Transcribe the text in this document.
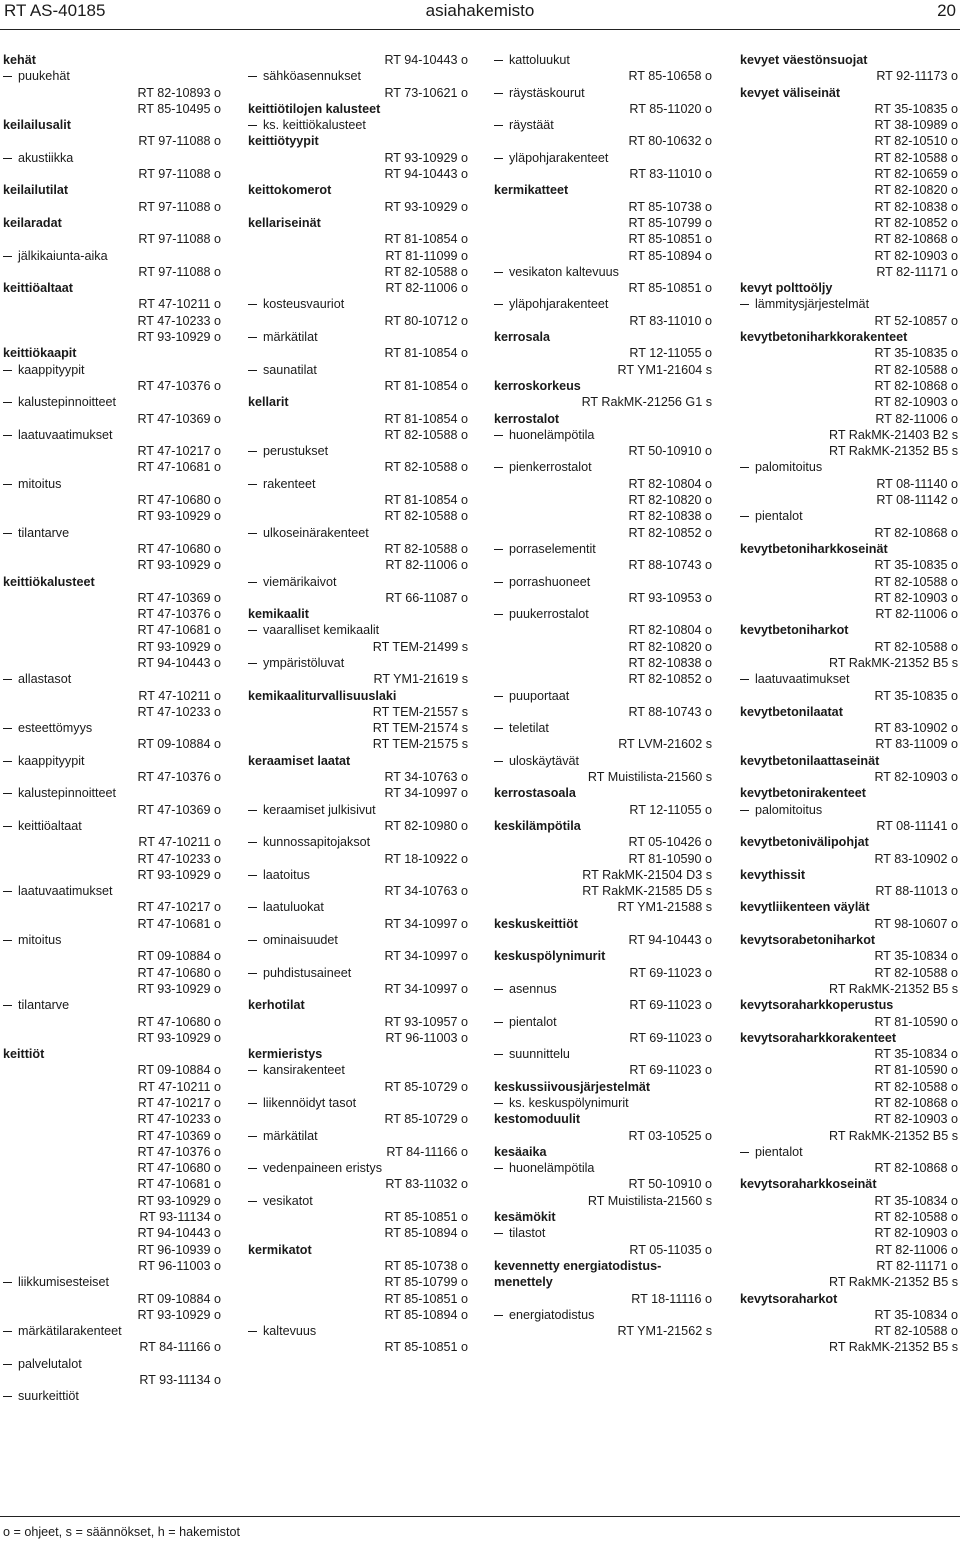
RT AS-40185	asiahakemisto	20
kehät
puukehät
RT 82-10893 o
RT 85-10495 o
keilailusalit
RT 97-11088 o
akustiikka
RT 97-11088 o
keilailutilat
RT 97-11088 o
keilaradat
RT 97-11088 o
jälkikaiunta-aika
RT 97-11088 o
keittiöaltaat
RT 47-10211 o
RT 47-10233 o
RT 93-10929 o
keittiökaapit
kaappityypit
RT 47-10376 o
kalustepinnoitteet
RT 47-10369 o
laatuvaatimukset
RT 47-10217 o
RT 47-10681 o
mitoitus
RT 47-10680 o
RT 93-10929 o
tilantarve
RT 47-10680 o
RT 93-10929 o
keittiökalusteet
RT 47-10369 o
RT 47-10376 o
RT 47-10681 o
RT 93-10929 o
RT 94-10443 o
allastasot
RT 47-10211 o
RT 47-10233 o
esteettömyys
RT 09-10884 o
kaappityypit
RT 47-10376 o
kalustepinnoitteet
RT 47-10369 o
keittiöaltaat
RT 47-10211 o
RT 47-10233 o
RT 93-10929 o
laatuvaatimukset
RT 47-10217 o
RT 47-10681 o
mitoitus
RT 09-10884 o
RT 47-10680 o
RT 93-10929 o
tilantarve
RT 47-10680 o
RT 93-10929 o
keittiöt
RT 09-10884 o
RT 47-10211 o
RT 47-10217 o
RT 47-10233 o
RT 47-10369 o
RT 47-10376 o
RT 47-10680 o
RT 47-10681 o
RT 93-10929 o
RT 93-11134 o
RT 94-10443 o
RT 96-10939 o
RT 96-11003 o
liikkumisesteiset
RT 09-10884 o
RT 93-10929 o
märkätilarakenteet
RT 84-11166 o
palvelutalot
RT 93-11134 o
suurkeittiöt
RT 94-10443 o
sähköasennukset
RT 73-10621 o
keittiötilojen kalusteet
ks. keittiökalusteet
keittiötyypit
RT 93-10929 o
RT 94-10443 o
keittokomerot
RT 93-10929 o
kellariseinät
RT 81-10854 o
RT 81-11099 o
RT 82-10588 o
RT 82-11006 o
kosteusvauriot
RT 80-10712 o
märkätilat
RT 81-10854 o
saunatilat
RT 81-10854 o
kellarit
RT 81-10854 o
RT 82-10588 o
perustukset
RT 82-10588 o
rakenteet
RT 81-10854 o
RT 82-10588 o
ulkoseinärakenteet
RT 82-10588 o
RT 82-11006 o
viemärikaivot
RT 66-11087 o
kemikaalit
vaaralliset kemikaalit
RT TEM-21499 s
ympäristöluvat
RT YM1-21619 s
kemikaaliturvallisuuslaki
RT TEM-21557 s
RT TEM-21574 s
RT TEM-21575 s
keraamiset laatat
RT 34-10763 o
RT 34-10997 o
keraamiset julkisivut
RT 82-10980 o
kunnossapitojaksot
RT 18-10922 o
laatoitus
RT 34-10763 o
laatuluokat
RT 34-10997 o
ominaisuudet
RT 34-10997 o
puhdistusaineet
RT 34-10997 o
kerhotilat
RT 93-10957 o
RT 96-11003 o
kermieristys
kansirakenteet
RT 85-10729 o
liikennöidyt tasot
RT 85-10729 o
märkätilat
RT 84-11166 o
vedenpaineen eristys
RT 83-11032 o
vesikatot
RT 85-10851 o
RT 85-10894 o
kermikatot
RT 85-10738 o
RT 85-10799 o
RT 85-10851 o
RT 85-10894 o
kaltevuus
RT 85-10851 o
kattoluukut
RT 85-10658 o
räystäskourut
RT 85-11020 o
räystäät
RT 80-10632 o
yläpohjarakenteet
RT 83-11010 o
kermikatteet
RT 85-10738 o
RT 85-10799 o
RT 85-10851 o
RT 85-10894 o
vesikaton kaltevuus
RT 85-10851 o
yläpohjarakenteet
RT 83-11010 o
kerrosala
RT 12-11055 o
RT YM1-21604 s
kerroskorkeus
RT RakMK-21256 G1 s
kerrostalot
huonelämpötila
RT 50-10910 o
pienkerrostalot
RT 82-10804 o
RT 82-10820 o
RT 82-10838 o
RT 82-10852 o
porraselementit
RT 88-10743 o
porrashuoneet
RT 93-10953 o
puukerrostalot
RT 82-10804 o
RT 82-10820 o
RT 82-10838 o
RT 82-10852 o
puuportaat
RT 88-10743 o
teletilat
RT LVM-21602 s
uloskäytävät
RT Muistilista-21560 s
kerrostasoala
RT 12-11055 o
keskilämpötila
RT 05-10426 o
RT 81-10590 o
RT RakMK-21504 D3 s
RT RakMK-21585 D5 s
RT YM1-21588 s
keskuskeittiöt
RT 94-10443 o
keskuspölynimurit
RT 69-11023 o
asennus
RT 69-11023 o
pientalot
RT 69-11023 o
suunnittelu
RT 69-11023 o
keskussiivousjärjestelmät
ks. keskuspölynimurit
kestomoduulit
RT 03-10525 o
kesäaika
huonelämpötila
RT 50-10910 o
RT Muistilista-21560 s
kesämökit
tilastot
RT 05-11035 o
kevennetty energiatodistus-
menettely
RT 18-11116 o
energiatodistus
RT YM1-21562 s
kevyet väestönsuojat
RT 92-11173 o
kevyet väliseinät
RT 35-10835 o
RT 38-10989 o
RT 82-10510 o
RT 82-10588 o
RT 82-10659 o
RT 82-10820 o
RT 82-10838 o
RT 82-10852 o
RT 82-10868 o
RT 82-10903 o
RT 82-11171 o
kevyt polttoöljy
lämmitysjärjestelmät
RT 52-10857 o
kevytbetoniharkkorakenteet
RT 35-10835 o
RT 82-10588 o
RT 82-10868 o
RT 82-10903 o
RT 82-11006 o
RT RakMK-21403 B2 s
RT RakMK-21352 B5 s
palomitoitus
RT 08-11140 o
RT 08-11142 o
pientalot
RT 82-10868 o
kevytbetoniharkkoseinät
RT 35-10835 o
RT 82-10588 o
RT 82-10903 o
RT 82-11006 o
kevytbetoniharkot
RT 82-10588 o
RT RakMK-21352 B5 s
laatuvaatimukset
RT 35-10835 o
kevytbetonilaatat
RT 83-10902 o
RT 83-11009 o
kevytbetonilaattaseinät
RT 82-10903 o
kevytbetonirakenteet
palomitoitus
RT 08-11141 o
kevytbetonivälipohjat
RT 83-10902 o
kevythissit
RT 88-11013 o
kevytliikenteen väylät
RT 98-10607 o
kevytsorabetoniharkot
RT 35-10834 o
RT 82-10588 o
RT RakMK-21352 B5 s
kevytsoraharkkoperustus
RT 81-10590 o
kevytsoraharkkorakenteet
RT 35-10834 o
RT 81-10590 o
RT 82-10588 o
RT 82-10868 o
RT 82-10903 o
RT RakMK-21352 B5 s
pientalot
RT 82-10868 o
kevytsoraharkkoseinät
RT 35-10834 o
RT 82-10588 o
RT 82-10903 o
RT 82-11006 o
RT 82-11171 o
RT RakMK-21352 B5 s
kevytsoraharkot
RT 35-10834 o
RT 82-10588 o
RT RakMK-21352 B5 s
o = ohjeet, s = säännökset, h = hakemistot
